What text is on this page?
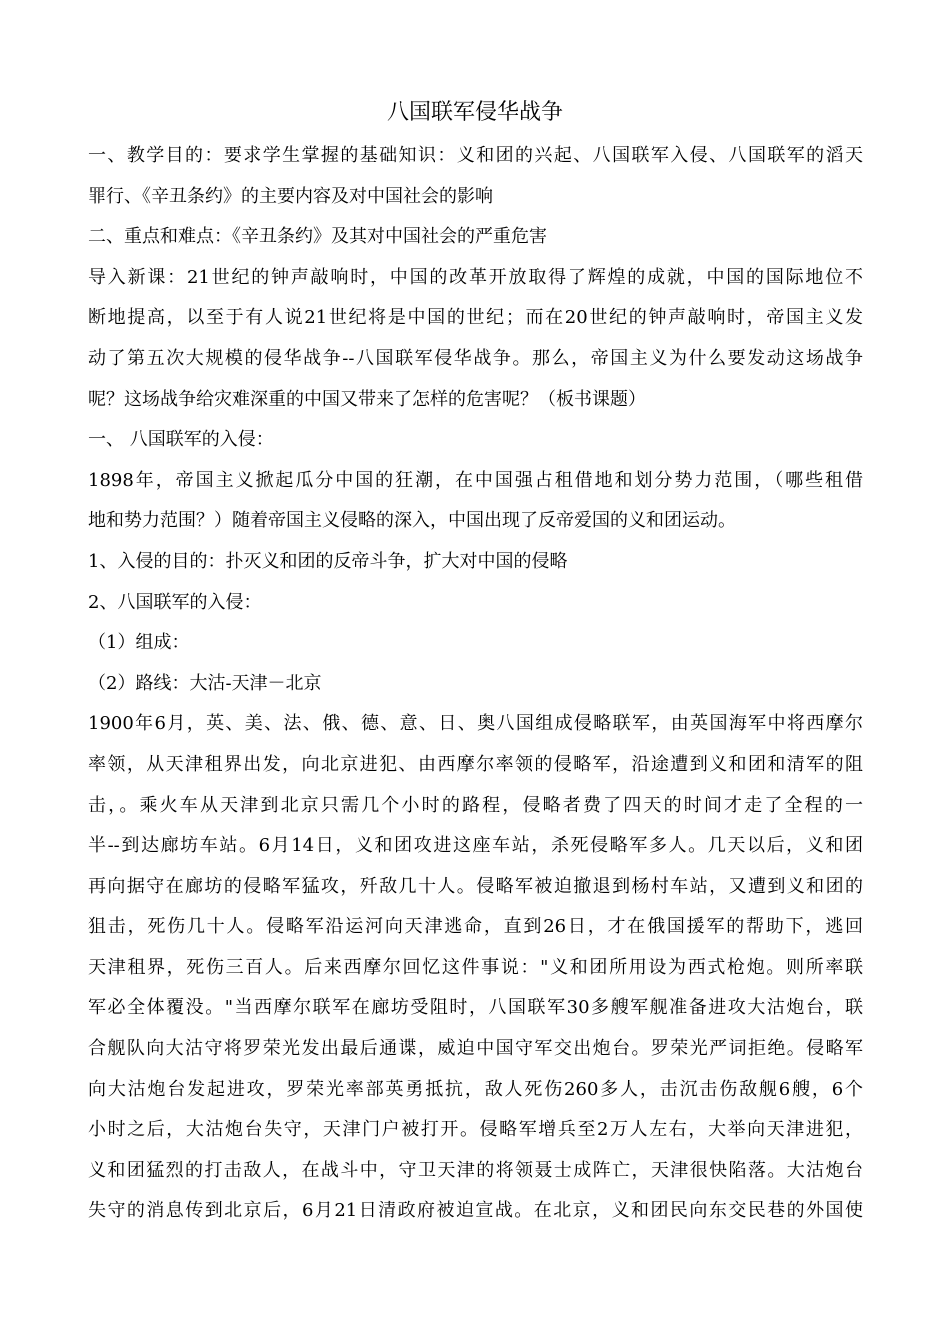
八国联军侵华战争
一、教学目的：要求学生掌握的基础知识：义和团的兴起、八国联军入侵、八国联军的滔天
罪行、《辛丑条约》的主要内容及对中国社会的影响
二、重点和难点：《辛丑条约》及其对中国社会的严重危害
导入新课：21世纪的钟声敲响时，中国的改革开放取得了辉煌的成就，中国的国际地位不
断地提高，以至于有人说21世纪将是中国的世纪；而在20世纪的钟声敲响时，帝国主义发
动了第五次大规模的侵华战争--八国联军侵华战争。那么，帝国主义为什么要发动这场战争
呢？这场战争给灾难深重的中国又带来了怎样的危害呢？（板书课题）
一、 八国联军的入侵：
1898年，帝国主义掀起瓜分中国的狂潮，在中国强占租借地和划分势力范围，（哪些租借
地和势力范围？）随着帝国主义侵略的深入，中国出现了反帝爱国的义和团运动。
1、入侵的目的：扑灭义和团的反帝斗争，扩大对中国的侵略
2、八国联军的入侵：
（1）组成：
（2）路线：大沽-天津－北京
1900年6月，英、美、法、俄、德、意、日、奥八国组成侵略联军，由英国海军中将西摩尔
率领，从天津租界出发，向北京进犯、由西摩尔率领的侵略军，沿途遭到义和团和清军的阻
击，。乘火车从天津到北京只需几个小时的路程，侵略者费了四天的时间才走了全程的一
半--到达廊坊车站。6月14日，义和团攻进这座车站，杀死侵略军多人。几天以后，义和团
再向据守在廊坊的侵略军猛攻，歼敌几十人。侵略军被迫撤退到杨村车站，又遭到义和团的
狙击，死伤几十人。侵略军沿运河向天津逃命，直到26日，才在俄国援军的帮助下，逃回
天津租界，死伤三百人。后来西摩尔回忆这件事说："义和团所用设为西式枪炮。则所率联
军必全体覆没。"当西摩尔联军在廊坊受阻时，八国联军30多艘军舰准备进攻大沽炮台，联
合舰队向大沽守将罗荣光发出最后通谍，威迫中国守军交出炮台。罗荣光严词拒绝。侵略军
向大沽炮台发起进攻，罗荣光率部英勇抵抗，敌人死伤260多人，击沉击伤敌舰6艘，6个
小时之后，大沽炮台失守，天津门户被打开。侵略军增兵至2万人左右，大举向天津进犯，
义和团猛烈的打击敌人，在战斗中，守卫天津的将领聂士成阵亡，天津很快陷落。大沽炮台
失守的消息传到北京后，6月21日清政府被迫宣战。在北京，义和团民向东交民巷的外国使
